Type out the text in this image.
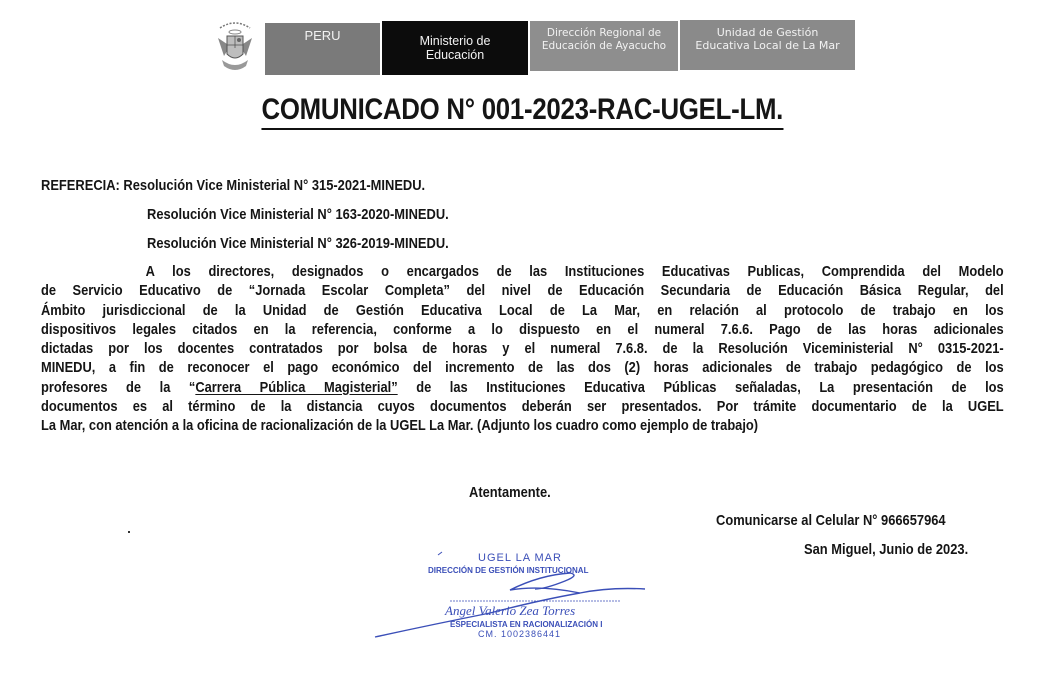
PERU	Ministerio de
Educación
Dirección Regional de
Educación de Ayacucho
Unidad de Gestión
Educativa Local de La Mar
COMUNICADO N° 001-2023-RAC-UGEL-LM.
REFERECIA: Resolución Vice Ministerial N° 315-2021-MINEDU.
Resolución Vice Ministerial N° 163-2020-MINEDU.
Resolución Vice Ministerial N° 326-2019-MINEDU.
A los directores, designados o encargados de las Instituciones Educativas Publicas, Comprendida del Modelo
de Servicio Educativo de “Jornada Escolar Completa” del nivel de Educación Secundaria de Educación Básica Regular, del
Ámbito jurisdiccional de la Unidad de Gestión Educativa Local de La Mar, en relación al protocolo de trabajo en los
dispositivos legales citados en la referencia, conforme a lo dispuesto en el numeral 7.6.6. Pago de las horas adicionales
dictadas por los docentes contratados por bolsa de horas y el numeral 7.6.8. de la Resolución Viceministerial N° 0315-2021-
MINEDU, a fin de reconocer el pago económico del incremento de las dos (2) horas adicionales de trabajo pedagógico de los
profesores de la “Carrera Pública Magisterial” de las Instituciones Educativa Públicas señaladas, La presentación de los
documentos es al término de la distancia cuyos documentos deberán ser presentados. Por trámite documentario de la UGEL
La Mar, con atención a la oficina de racionalización de la UGEL La Mar. (Adjunto los cuadro como ejemplo de trabajo)
Atentamente.
Comunicarse al Celular N° 966657964
San Miguel, Junio de 2023.
UGEL LA MAR
DIRECCIÓN DE GESTIÓN INSTITUCIONAL
Angel Valerio Zea Torres
ESPECIALISTA EN RACIONALIZACIÓN I
CM. 1002386441
